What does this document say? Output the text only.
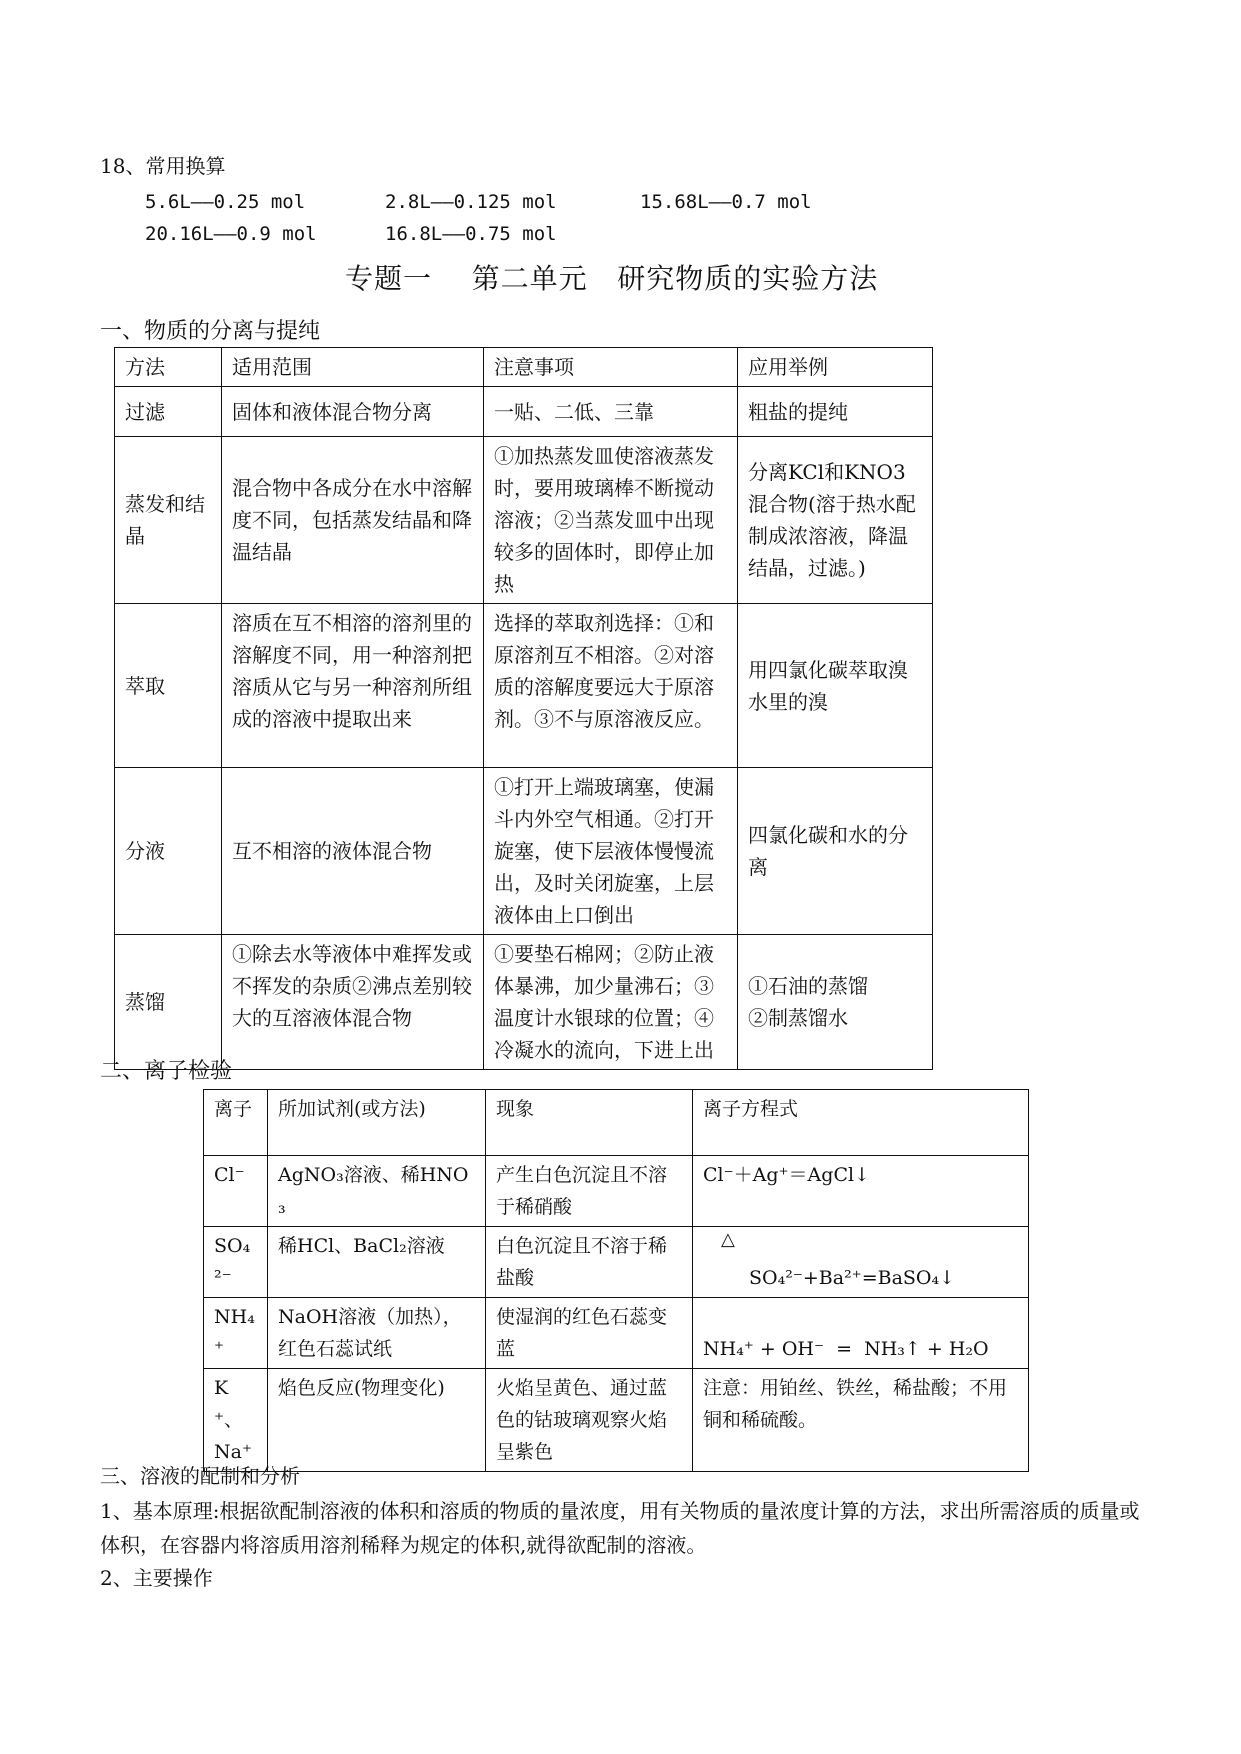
18、常用换算
5.6L——0.25 mol	2.8L——0.125 mol	15.68L——0.7 mol
20.16L——0.9 mol	16.8L——0.75 mol
专题一    第二单元   研究物质的实验方法
一、物质的分离与提纯
方法	适用范围	注意事项	应用举例
过滤	固体和液体混合物分离	一贴、二低、三靠	粗盐的提纯
蒸发和结晶	混合物中各成分在水中溶解度不同，包括蒸发结晶和降温结晶	①加热蒸发皿使溶液蒸发时，要用玻璃棒不断搅动溶液；②当蒸发皿中出现较多的固体时，即停止加热	分离KCl和KNO3混合物(溶于热水配制成浓溶液，降温结晶，过滤。)
萃取	溶质在互不相溶的溶剂里的溶解度不同，用一种溶剂把溶质从它与另一种溶剂所组成的溶液中提取出来	选择的萃取剂选择：①和原溶剂互不相溶。②对溶质的溶解度要远大于原溶剂。③不与原溶液反应。	用四氯化碳萃取溴水里的溴
分液	互不相溶的液体混合物	①打开上端玻璃塞，使漏斗内外空气相通。②打开旋塞，使下层液体慢慢流出，及时关闭旋塞，上层液体由上口倒出	四氯化碳和水的分离
蒸馏	①除去水等液体中难挥发或不挥发的杂质②沸点差别较大的互溶液体混合物	①要垫石棉网；②防止液体暴沸，加少量沸石；③温度计水银球的位置；④冷凝水的流向，下进上出	①石油的蒸馏
②制蒸馏水
二、离子检验
离子	所加试剂(或方法)	现象	离子方程式
Cl⁻	AgNO₃溶液、稀HNO₃	产生白色沉淀且不溶于稀硝酸	Cl⁻＋Ag⁺＝AgCl↓
SO₄²⁻	稀HCl、BaCl₂溶液	白色沉淀且不溶于稀盐酸	△
SO₄²⁻+Ba²⁺=BaSO₄↓
NH₄⁺	NaOH溶液（加热），红色石蕊试纸	使湿润的红色石蕊变蓝	NH₄⁺ + OH⁻  =  NH₃↑ + H₂O
K⁺、Na⁺	焰色反应(物理变化)	火焰呈黄色、通过蓝色的钴玻璃观察火焰呈紫色	注意：用铂丝、铁丝，稀盐酸；不用铜和稀硫酸。
三、溶液的配制和分析
1、基本原理:根据欲配制溶液的体积和溶质的物质的量浓度，用有关物质的量浓度计算的方法，求出所需溶质的质量或体积，在容器内将溶质用溶剂稀释为规定的体积,就得欲配制的溶液。
2、主要操作
